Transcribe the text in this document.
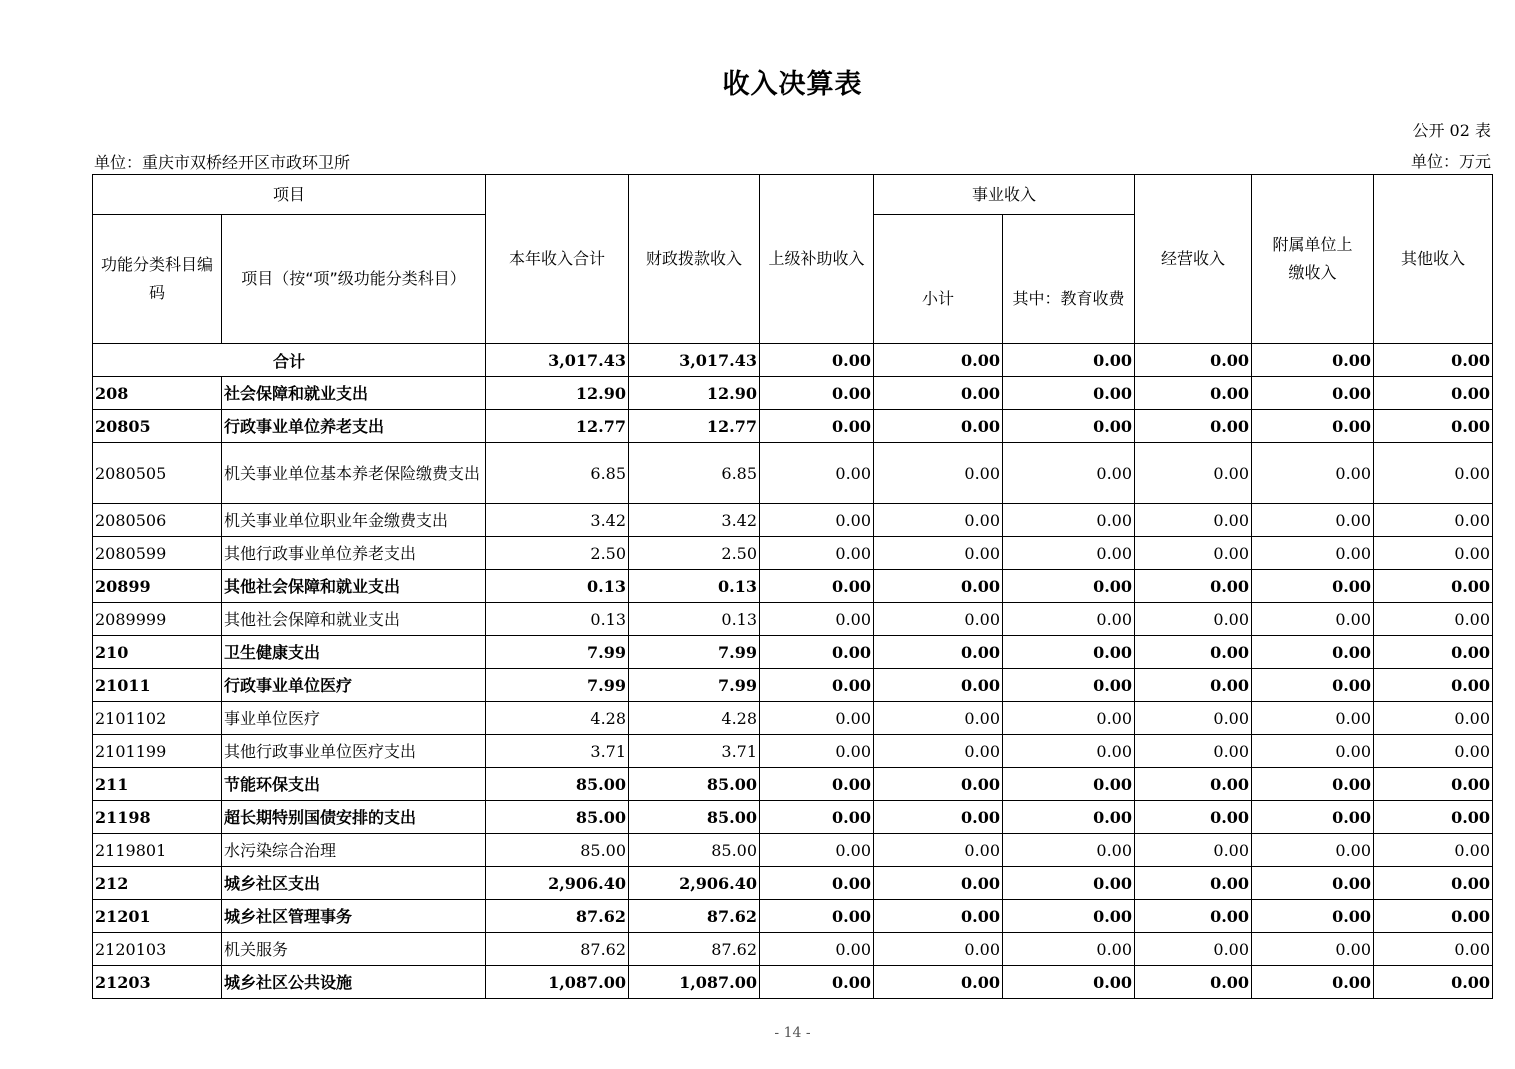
收入决算表
公开 02 表
单位：重庆市双桥经开区市政环卫所	单位：万元
项目		本年收入合计	财政拨款收入	上级补助收入	事业收入		经营收入	附属单位上缴收入	其他收入
功能分类科目编码	项目（按“项”级功能分类科目）				小计	其中：教育收费			
合计		3,017.43	3,017.43	0.00	0.00	0.00	0.00	0.00	0.00
208	社会保障和就业支出	12.90	12.90	0.00	0.00	0.00	0.00	0.00	0.00
20805	行政事业单位养老支出	12.77	12.77	0.00	0.00	0.00	0.00	0.00	0.00
2080505	机关事业单位基本养老保险缴费支出	6.85	6.85	0.00	0.00	0.00	0.00	0.00	0.00
2080506	机关事业单位职业年金缴费支出	3.42	3.42	0.00	0.00	0.00	0.00	0.00	0.00
2080599	其他行政事业单位养老支出	2.50	2.50	0.00	0.00	0.00	0.00	0.00	0.00
20899	其他社会保障和就业支出	0.13	0.13	0.00	0.00	0.00	0.00	0.00	0.00
2089999	其他社会保障和就业支出	0.13	0.13	0.00	0.00	0.00	0.00	0.00	0.00
210	卫生健康支出	7.99	7.99	0.00	0.00	0.00	0.00	0.00	0.00
21011	行政事业单位医疗	7.99	7.99	0.00	0.00	0.00	0.00	0.00	0.00
2101102	事业单位医疗	4.28	4.28	0.00	0.00	0.00	0.00	0.00	0.00
2101199	其他行政事业单位医疗支出	3.71	3.71	0.00	0.00	0.00	0.00	0.00	0.00
211	节能环保支出	85.00	85.00	0.00	0.00	0.00	0.00	0.00	0.00
21198	超长期特别国债安排的支出	85.00	85.00	0.00	0.00	0.00	0.00	0.00	0.00
2119801	水污染综合治理	85.00	85.00	0.00	0.00	0.00	0.00	0.00	0.00
212	城乡社区支出	2,906.40	2,906.40	0.00	0.00	0.00	0.00	0.00	0.00
21201	城乡社区管理事务	87.62	87.62	0.00	0.00	0.00	0.00	0.00	0.00
2120103	机关服务	87.62	87.62	0.00	0.00	0.00	0.00	0.00	0.00
21203	城乡社区公共设施	1,087.00	1,087.00	0.00	0.00	0.00	0.00	0.00	0.00
- 14 -
